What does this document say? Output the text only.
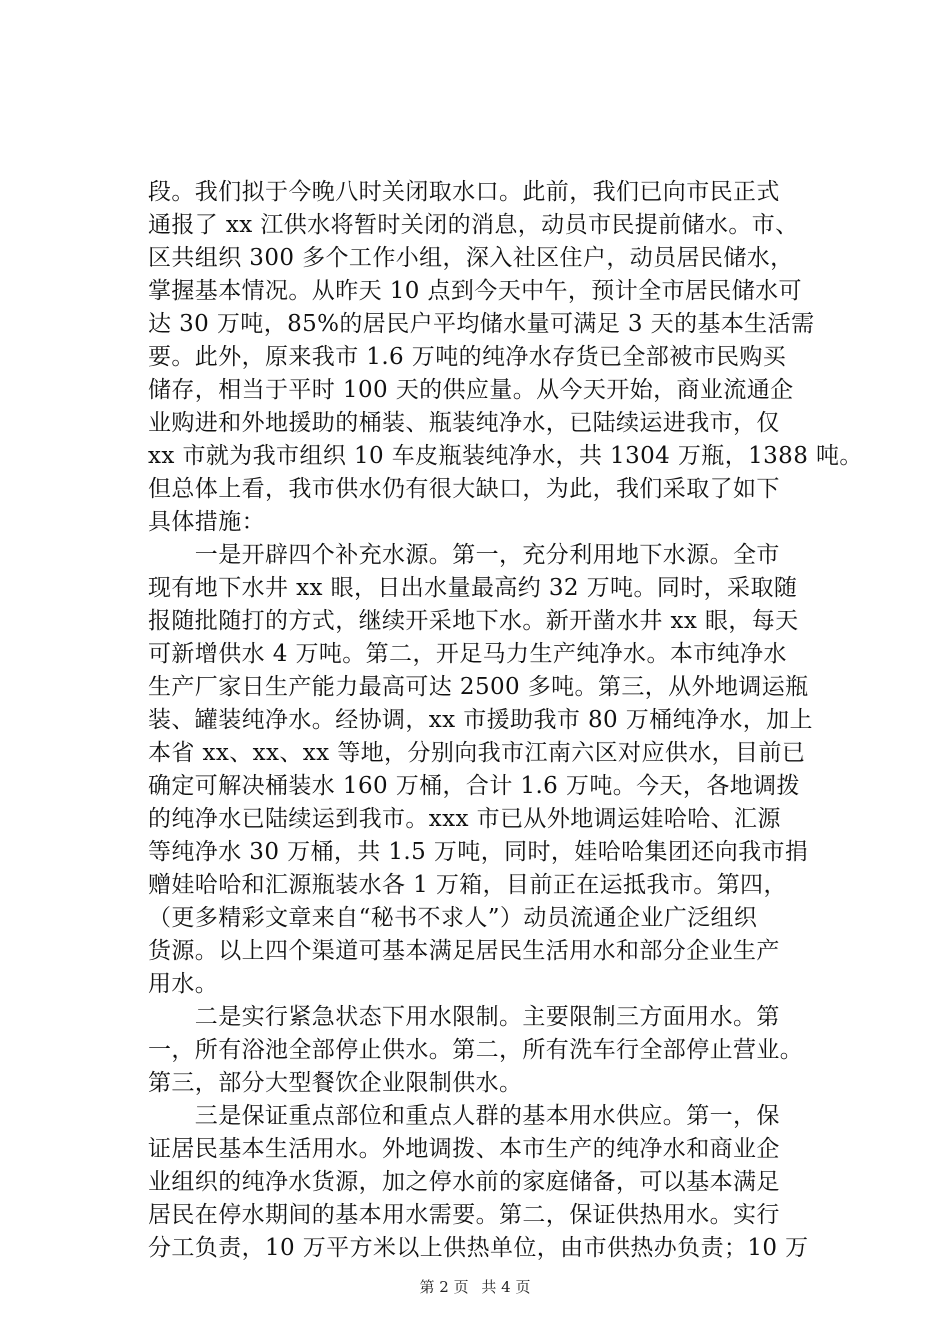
段。我们拟于今晚八时关闭取水口。此前，我们已向市民正式
通报了 xx 江供水将暂时关闭的消息，动员市民提前储水。市、
区共组织 300 多个工作小组，深入社区住户，动员居民储水，
掌握基本情况。从昨天 10 点到今天中午，预计全市居民储水可
达 30 万吨，85%的居民户平均储水量可满足 3 天的基本生活需
要。此外，原来我市 1.6 万吨的纯净水存货已全部被市民购买
储存，相当于平时 100 天的供应量。从今天开始，商业流通企
业购进和外地援助的桶装、瓶装纯净水，已陆续运进我市，仅
xx 市就为我市组织 10 车皮瓶装纯净水，共 1304 万瓶，1388 吨。
但总体上看，我市供水仍有很大缺口，为此，我们采取了如下
具体措施：
　　一是开辟四个补充水源。第一，充分利用地下水源。全市
现有地下水井 xx 眼，日出水量最高约 32 万吨。同时，采取随
报随批随打的方式，继续开采地下水。新开凿水井 xx 眼，每天
可新增供水 4 万吨。第二，开足马力生产纯净水。本市纯净水
生产厂家日生产能力最高可达 2500 多吨。第三，从外地调运瓶
装、罐装纯净水。经协调，xx 市援助我市 80 万桶纯净水，加上
本省 xx、xx、xx 等地，分别向我市江南六区对应供水，目前已
确定可解决桶装水 160 万桶，合计 1.6 万吨。今天，各地调拨
的纯净水已陆续运到我市。xxx 市已从外地调运娃哈哈、汇源
等纯净水 30 万桶，共 1.5 万吨，同时，娃哈哈集团还向我市捐
赠娃哈哈和汇源瓶装水各 1 万箱，目前正在运抵我市。第四，
（更多精彩文章来自“秘书不求人”）动员流通企业广泛组织
货源。以上四个渠道可基本满足居民生活用水和部分企业生产
用水。
　　二是实行紧急状态下用水限制。主要限制三方面用水。第
一，所有浴池全部停止供水。第二，所有洗车行全部停止营业。
第三，部分大型餐饮企业限制供水。
　　三是保证重点部位和重点人群的基本用水供应。第一，保
证居民基本生活用水。外地调拨、本市生产的纯净水和商业企
业组织的纯净水货源，加之停水前的家庭储备，可以基本满足
居民在停水期间的基本用水需要。第二，保证供热用水。实行
分工负责，10 万平方米以上供热单位，由市供热办负责；10 万
第 2 页 共 4 页
